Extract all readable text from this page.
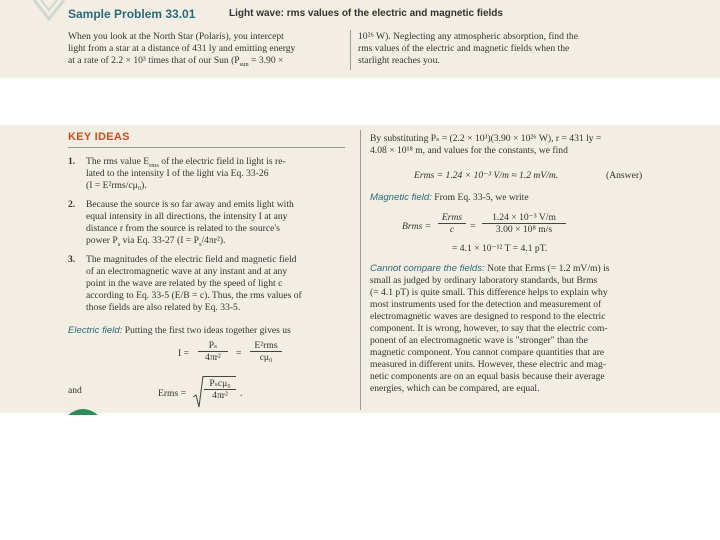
Sample Problem 33.01	Light wave: rms values of the electric and magnetic fields
When you look at the North Star (Polaris), you intercept
light from a star at a distance of 431 ly and emitting energy
at a rate of 2.2 × 10³ times that of our Sun ($P_{sun} = 3.90$ ×
10²⁶ W). Neglecting any atmospheric absorption, find the
rms values of the electric and magnetic fields when the
starlight reaches you.
KEY IDEAS
1. The rms value $E_{rms}$ of the electric field in light is re-
lated to the intensity I of the light via Eq. 33-26
(I = E²rms/cμ₀).
2. Because the source is so far away and emits light with
equal intensity in all directions, the intensity I at any
distance r from the source is related to the source's
power $P_s$ via Eq. 33-27 $(I = P_s/4\pi r^2)$.
3. The magnitudes of the electric field and magnetic field
of an electromagnetic wave at any instant and at any
point in the wave are related by the speed of light c
according to Eq. 33-5 (E/B = c). Thus, the rms values of
those fields are also related by Eq. 33-5.
Electric field: Putting the first two ideas together gives us
I =
Pₛ
4πr² =
E²rms
cμ₀
and	Erms =
Pₛcμ₀
4πr² .
By substituting Pₛ = (2.2 × 10³)(3.90 × 10²⁶ W), r = 431 ly =
4.08 × 10¹⁸ m, and values for the constants, we find
Erms = 1.24 × 10⁻³ V/m ≈ 1.2 mV/m.	(Answer)
Magnetic field: From Eq. 33-5, we write
Brms =
Erms
c =
1.24 × 10⁻³ V/m
3.00 × 10⁸ m/s
= 4.1 × 10⁻¹² T = 4.1 pT.
Cannot compare the fields: Note that Erms (= 1.2 mV/m) is
small as judged by ordinary laboratory standards, but Brms
(= 4.1 pT) is quite small. This difference helps to explain why
most instruments used for the detection and measurement of
electromagnetic waves are designed to respond to the electric
component. It is wrong, however, to say that the electric com-
ponent of an electromagnetic wave is "stronger" than the
magnetic component. You cannot compare quantities that are
measured in different units. However, these electric and mag-
netic components are on an equal basis because their average
energies, which can be compared, are equal.
